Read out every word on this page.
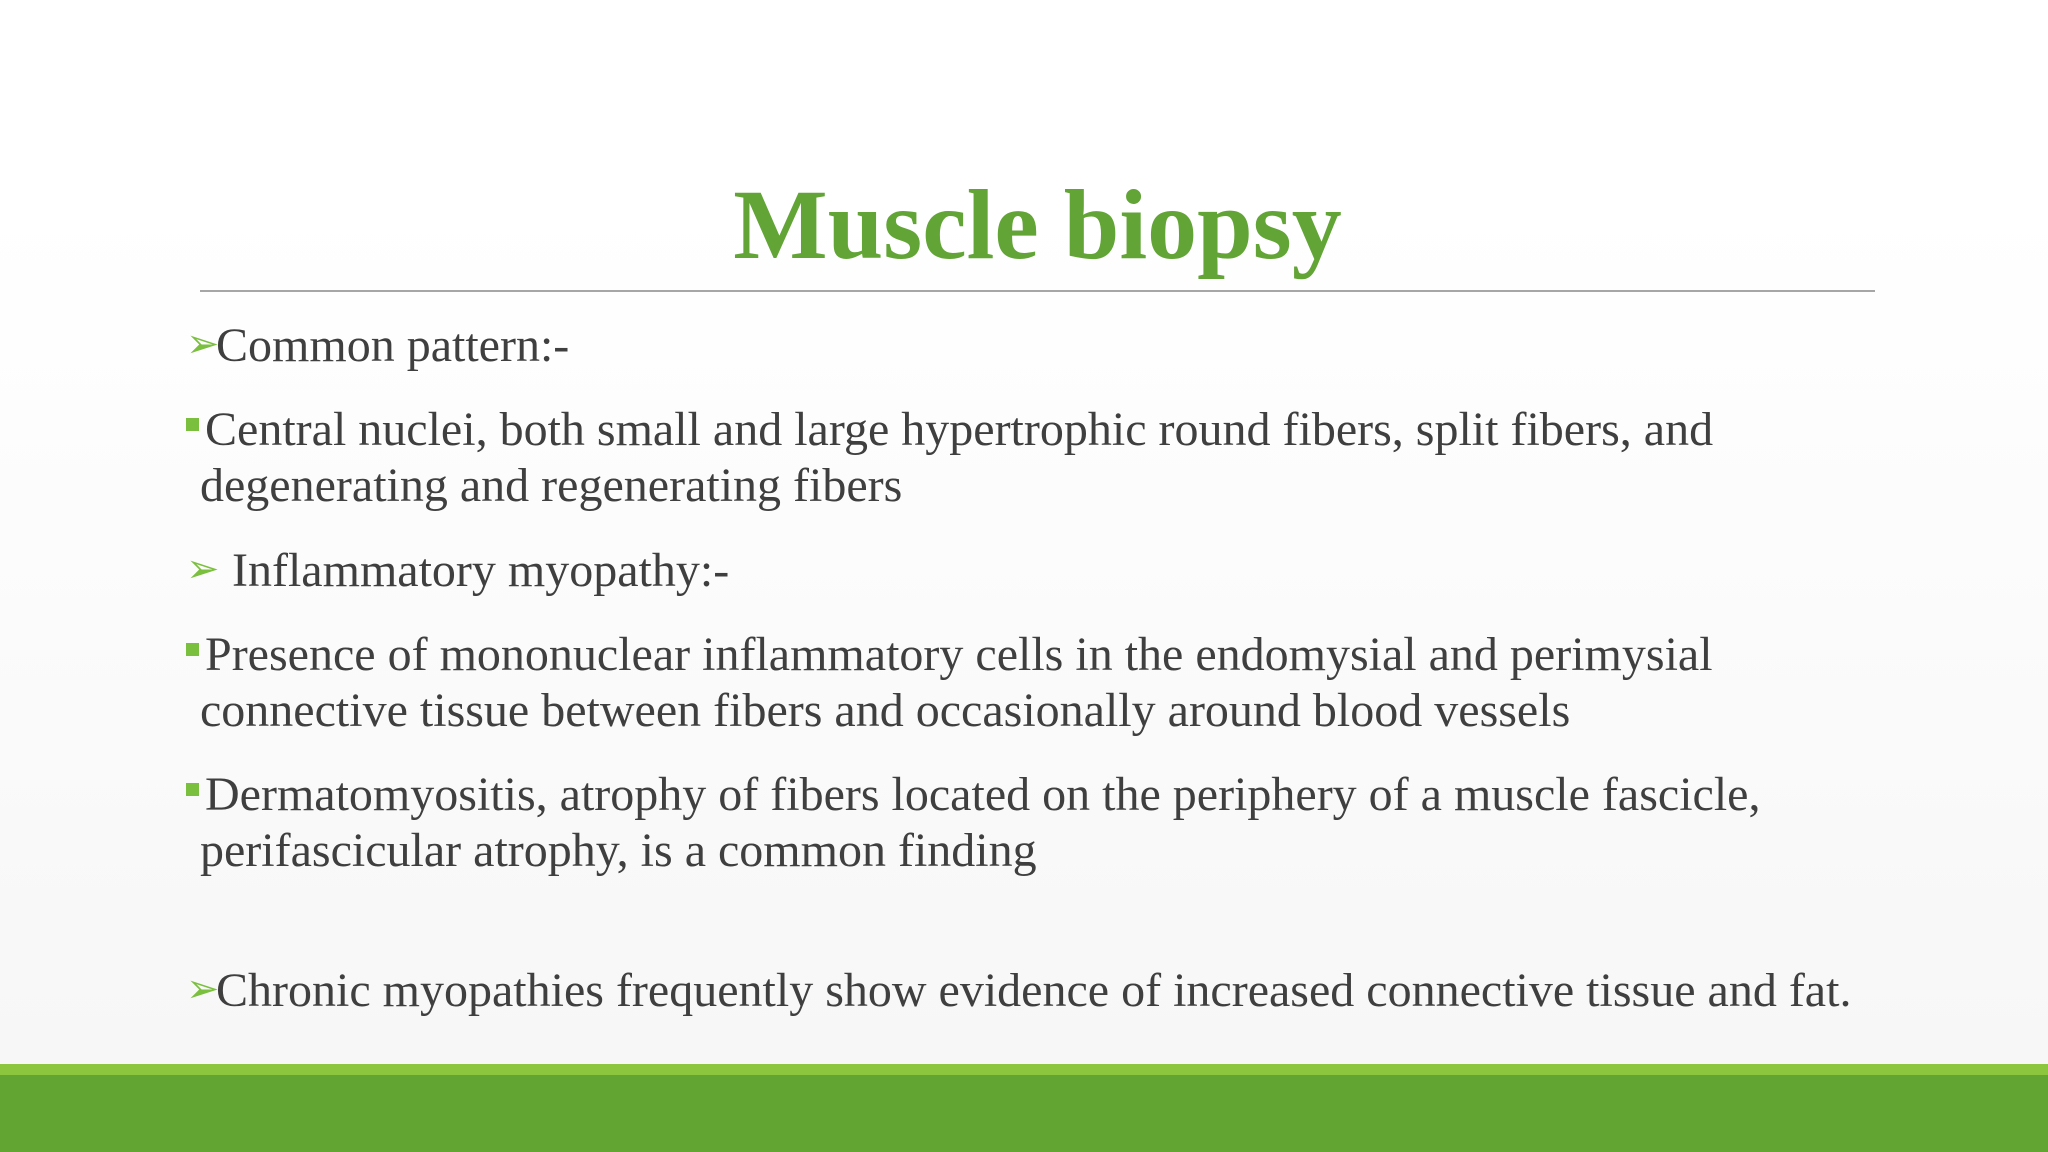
Muscle biopsy
➢Common pattern:-
Central nuclei, both small and large hypertrophic round fibers, split fibers, and
degenerating and regenerating fibers
➢ Inflammatory myopathy:-
Presence of mononuclear inflammatory cells in the endomysial and perimysial
connective tissue between fibers and occasionally around blood vessels
Dermatomyositis, atrophy of fibers located on the periphery of a muscle fascicle,
perifascicular atrophy, is a common finding
➢Chronic myopathies frequently show evidence of increased connective tissue and fat.
